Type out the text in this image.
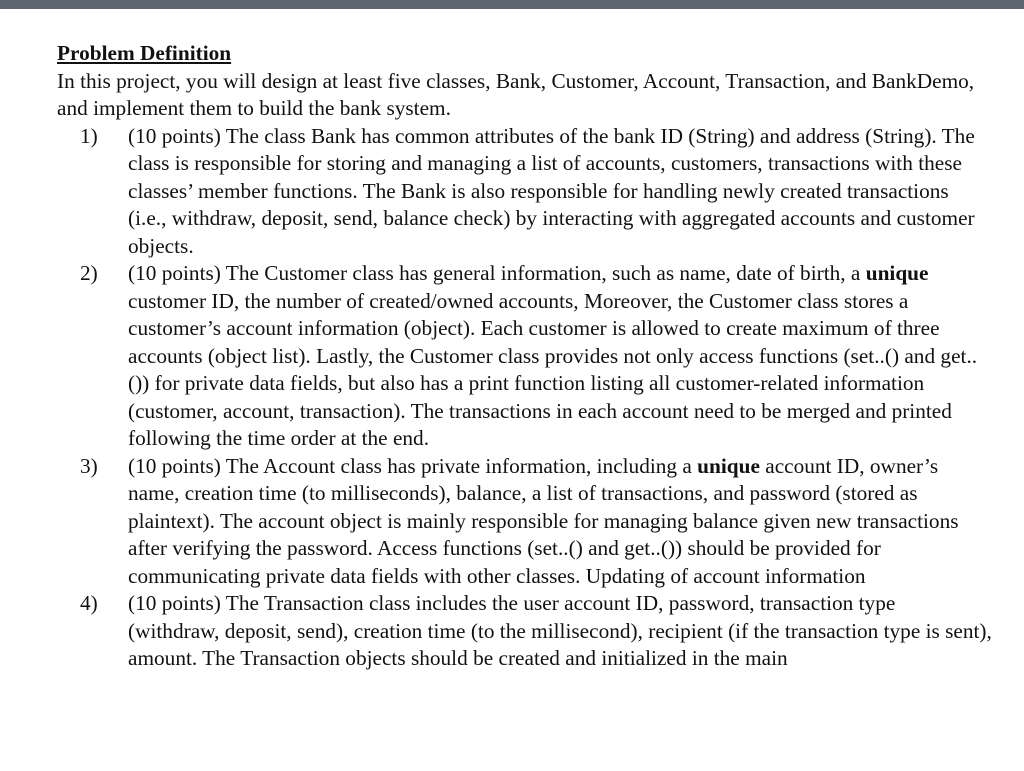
Problem Definition

In this project, you will design at least five classes, Bank, Customer, Account, Transaction, and BankDemo, and implement them to build the bank system.

1) (10 points) The class Bank has common attributes of the bank ID (String) and address (String). The class is responsible for storing and managing a list of accounts, customers, transactions with these classes’ member functions. The Bank is also responsible for handling newly created transactions (i.e., withdraw, deposit, send, balance check) by interacting with aggregated accounts and customer objects.
2) (10 points) The Customer class has general information, such as name, date of birth, a unique customer ID, the number of created/owned accounts, Moreover, the Customer class stores a customer’s account information (object). Each customer is allowed to create maximum of three accounts (object list). Lastly, the Customer class provides not only access functions (set..() and get..()) for private data fields, but also has a print function listing all customer-related information (customer, account, transaction). The transactions in each account need to be merged and printed following the time order at the end.
3) (10 points) The Account class has private information, including a unique account ID, owner’s name, creation time (to milliseconds), balance, a list of transactions, and password (stored as plaintext). The account object is mainly responsible for managing balance given new transactions after verifying the password. Access functions (set..() and get..()) should be provided for communicating private data fields with other classes. Updating of account information
4) (10 points) The Transaction class includes the user account ID, password, transaction type (withdraw, deposit, send), creation time (to the millisecond), recipient (if the transaction type is sent), amount. The Transaction objects should be created and initialized in the main
